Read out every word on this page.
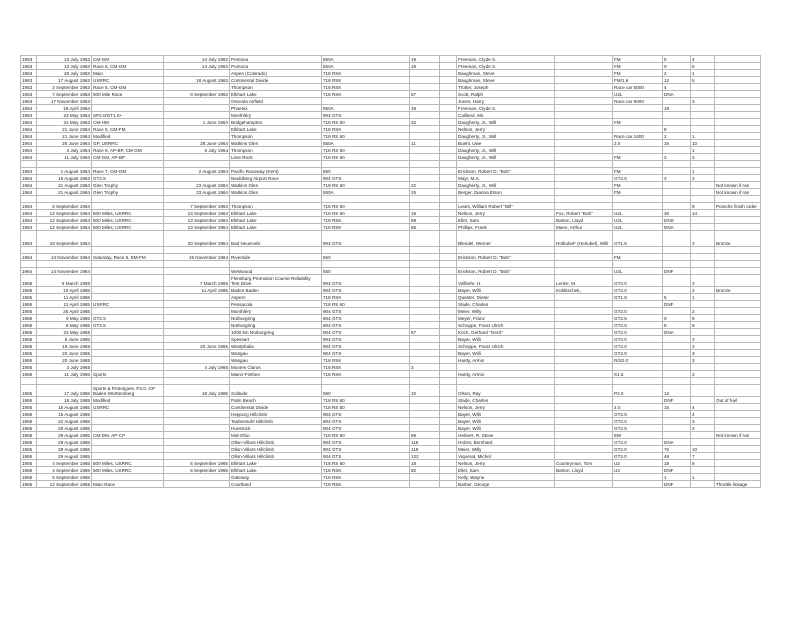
1963	13 July 1963	CM-GM	14 July 1963	Pomona	550A	19		Freeman, Clyde S.		FM	5	4	
1963	13 July 1963	Race 6, CM-GM	14 July 1963	Pomona	550A	19		Freeman, Clyde S.		FM	9	5	
1963	28 July 1963	Main		Aspen (Colorado)	718 RSK			Baughman, Steve		FM	2	1	
1963	17 August 1963	USRRC	18 August 1963	Continental Divide	718 RSK			Baughman, Steve		FM/1.6	12	5	
1963	2 September 1963	Race 5, CM-GM		Thompson	718 RSK			Trotter, Joseph		Race car 5000	4		
1963	7 September 1963	500 Mile Race	8 September 1963	Elkhart Lake	718 RSK	67		Scott, Ralph		U2L	DNA		
1963	17 November 1963			Osceola Airfield				Jones, Harry		Race car 5000		3	
1964	19 April 1964			Phoenix	550A	19		Freeman, Clyde S.			18		
1964	23 May 1964	SP2.0/GT1.6+		Monthléry	904 GTS			Cailland, Ms.					
1964	31 May 1964	CM-HM	1 June 1964	Bridgehampton	718 RS 60	22		Daugherty, Jr., Will		FM			
1964	21 June 1964	Race 6, CM-FM		Elkhart Lake	718 RSK			Nelson, Jerry			8		
1964	21 June 1964	Modified		Thompson	718 RS 60			Daugherty, Jr., Will		Race car 1600	2	1	
1964	26 June 1964	GP, USRRC	28 June 1964	Watkins Glen	550A	11		Buehl, Uwe		2.0	16	10	
1964	4 July 1964	Race 6, AP-BP, CM-GM	5 July 1964	Thompson	718 RS 60			Daugherty, Jr., Will				1	
1964	11 July 1964	CM-GM, AP-BP		Lime Rock	718 RS 60			Daugherty, Jr., Will		FM	2	2	

1964	1 August 1964	Race 7, CM-GM	2 August 1964	Pacific Raceway (Kent)	550			Erickson, Robert D. "Bob"		FM		1	
1964	16 August 1964	GT2.5		Neubiberg Airport Race	904 GTS			Mayr, M.A.		GT2.5	3	3	
1964	21 August 1964	Glen Trophy	23 August 1964	Watkins Glen	718 RS 60	22		Daugherty, Jr., Will		FM			Not known if ran
1964	21 August 1964	Glen Trophy	23 August 1964	Watkins Glen	550A	25		Berger, Dianna Etson		FM			Not known if ran

1964	6 September 1964		7 September 1964	Thompson	718 RS 60			Lewis, William Robert "Bill"				8	Porsche finish order
1964	12 September 1964	500 Miles, USRRC	13 September 1964	Elkhart Lake	718 RS 60	18		Nelson, Jerry	Fox, Robert "Bob"	U2L	30	14	
1964	12 September 1964	500 Miles, USRRC	13 September 1964	Elkhart Lake	718 RSK	69		Eller, Sam	Barton, Lloyd	U2L	DNS		
1964	12 September 1964	500 Miles, USRRC	13 September 1964	Elkhart Lake	718 RSK	65		Phillips, Frank	Mann, Arthur	U2L	DNA		
1964	18 September 1964		20 September 1964	Bad Neuenahr	904 GTS			Blendel, Werner	Hollrubel* (Holrubel), Willi	GT1.6		3	Bronze

1964	14 November 1964	Saturday, Race 5, EM-FM	15 November 1964	Riverside	550			Erickson, Robert D. "Bob"		FM			

1964	14 November 1964			Westwood	550			Erickson, Robert D. "Bob"		U2L	DNF		
1965	6 March 1965		7 March 1965	Flensburg Promotion Course Reliability Test Drive	904 GTS			Vollbehr, H.	Lenke, M.	GT2.0		3	
1965	10 April 1965		11 April 1965	Baden Baden	904 GTS			Bayer, Willi	Koblitschek,	GT2.0		2	Bronze
1965	11 April 1965			Aspern	718 RSK			Quester, Dieter		GT1.6	5	1	
1965	11 April 1965	USRRC		Pensacola	718 RS 60			Slade, Charles			DNF		
1965	25 April 1965			Monthléry	904 GTS			Meier, Willy		GT2.0		2	
1965	9 May 1965	GT2.5		Nürburgring	904 GTS			Meyer, Franz		GT2.5	9	9	
1965	9 May 1965	GT2.5		Nürburgring	904 GTS			Schoppe, Franz Ulrich		GT2.5	8	8	
1965	23 May 1965			1000 km Nürburgring	904 GTS	67		Koch, Gerhard "Gerd"		GT2.0	DNA		
1965	6 June 1965			Spessart	904 GTS			Bayer, Willi		GT2.0		3	
1965	19 June 1965		20 June 1965	Westphalia	904 GTS			Schoppe, Franz Ulrich		GT2.0		3	
1965	20 June 1965			Wasgau	904 GTS			Bayer, Willi		GT2.0		3	
1965	20 June 1965			Wasgau	718 RSK			Hardy, Armin		R/S2.0		3	
1965	3 July 1965		4 July 1965	Montes Claros	718 RSK	3							
1965	11 July 1965	Sports		Mainz-Finthen	718 RSK			Hardy, Armin		S1.6		3	

1965	17 July 1965	Sports & Prototypes, P2.0, GP Baden-Württemberg	18 July 1965	Solitude	550	10		Olson, Ray		P2.0	12		
1965	18 July 1965	Modified		Palm Beach	718 RS 60			Slade, Charles			DNF		Out of fuel
1965	15 August 1965	USRRC		Continental Divide	718 RS 60			Nelson, Jerry		2.0	15	4	
1965	15 August 1965			Heppurg Hillclimb	904 GTS			Bayer, Willi		GT2.5		4	
1965	22 August 1965			Taubensuhl Hillclimb	904 GTS			Bayer, Willi		GT2.0		3	
1965	29 August 1965			Hunsrück	904 GTS			Bayer, Willi		GT2.5		2	
1965	29 August 1965	CM-DM, AP-CP		Mid-Ohio	718 RS 60	69		Herbert, R. Steve		EM			Not known if ran
1965	29 August 1965			Ollon-Villars Hillclimb	904 GTS	115		Holzer, Bernhard		GT2.0	DNA		
1965	29 August 1965			Ollon-Villars Hillclimb	904 GTS	119		Meier, Willy		GT2.0	75	10	
1965	29 August 1965			Ollon-Villars Hillclimb	904 GTS	122		Viquerat, Michel		GT2.0	49	7	
1965	4 September 1965	500 Miles, USRRC	5 September 1965	Elkhart Lake	718 RS 60	18		Nelson, Jerry	Countryman, Tom	U2	18	8	
1965	4 September 1965	500 Miles, USRRC	5 September 1965	Elkhart Lake	718 RSK	82		Eller, Sam	Barton, Lloyd	U2	DNF		
1965	5 September 1965			Gateway	718 RSK			Kelly, Wayne			1	1	
1965	12 September 1965	Main Race		Courtland	718 RSK			Barber, George			DNF		Throttle linkage
